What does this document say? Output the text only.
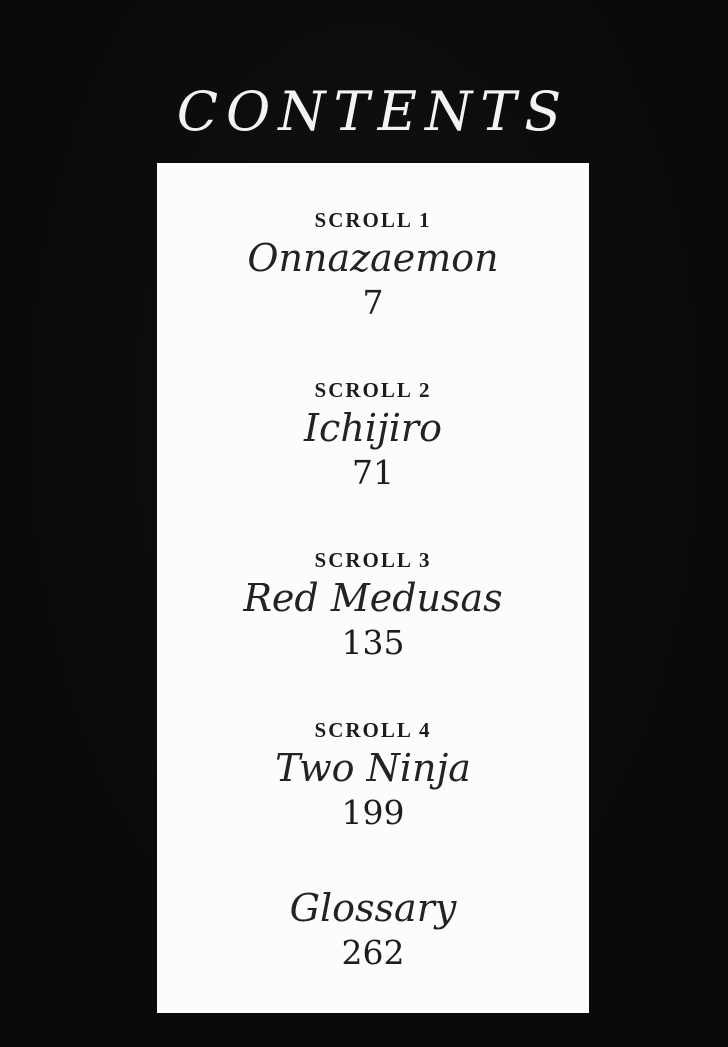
CONTENTS
SCROLL 1
Onnazaemon
7
SCROLL 2
Ichijiro
71
SCROLL 3
Red Medusas
135
SCROLL 4
Two Ninja
199
Glossary
262
